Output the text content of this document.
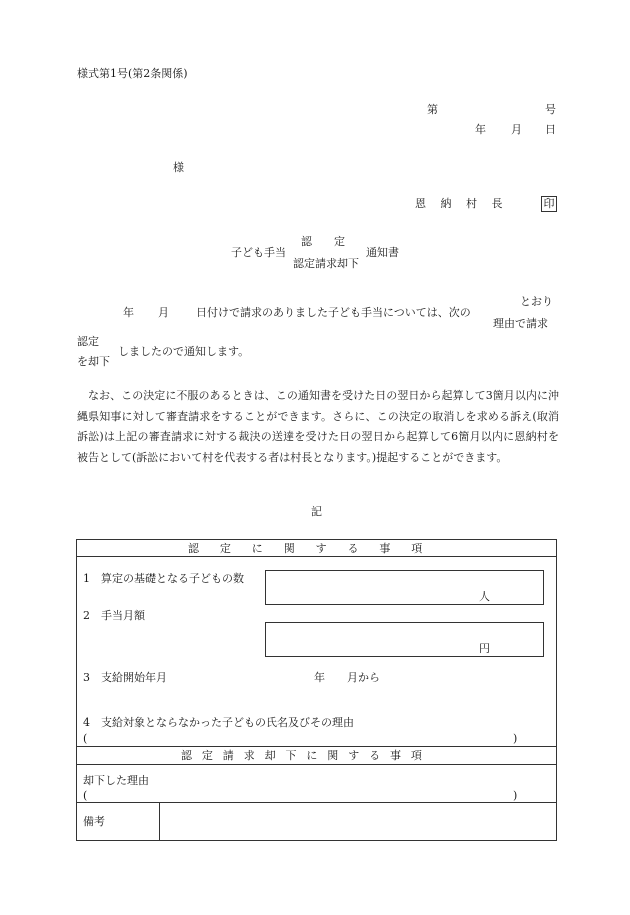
様式第1号(第2条関係)
第	号
年 月 日
様
恩 納 村 長	印
子ども手当
認　　定
認定請求却下
通知書
年 月 日付けで請求のありました子ども手当については、次の
とおり
理由で請求
認定
を却下
しましたので通知します。
なお、この決定に不服のあるときは、この通知書を受けた日の翌日から起算して3箇月以内に沖縄県知事に対して審査請求をすることができます。さらに、この決定の取消しを求める訴え(取消訴訟)は上記の審査請求に対する裁決の送達を受けた日の翌日から起算して6箇月以内に恩納村を被告として(訴訟において村を代表する者は村長となります。)提起することができます。
記
認定に関する事項
1　算定の基礎となる子どもの数
人
2　手当月額
円
3　支給開始年月	年 月から
4　支給対象とならなかった子どもの氏名及びその理由
(	)
認定請求却下に関する事項
却下した理由
(	)
備考
